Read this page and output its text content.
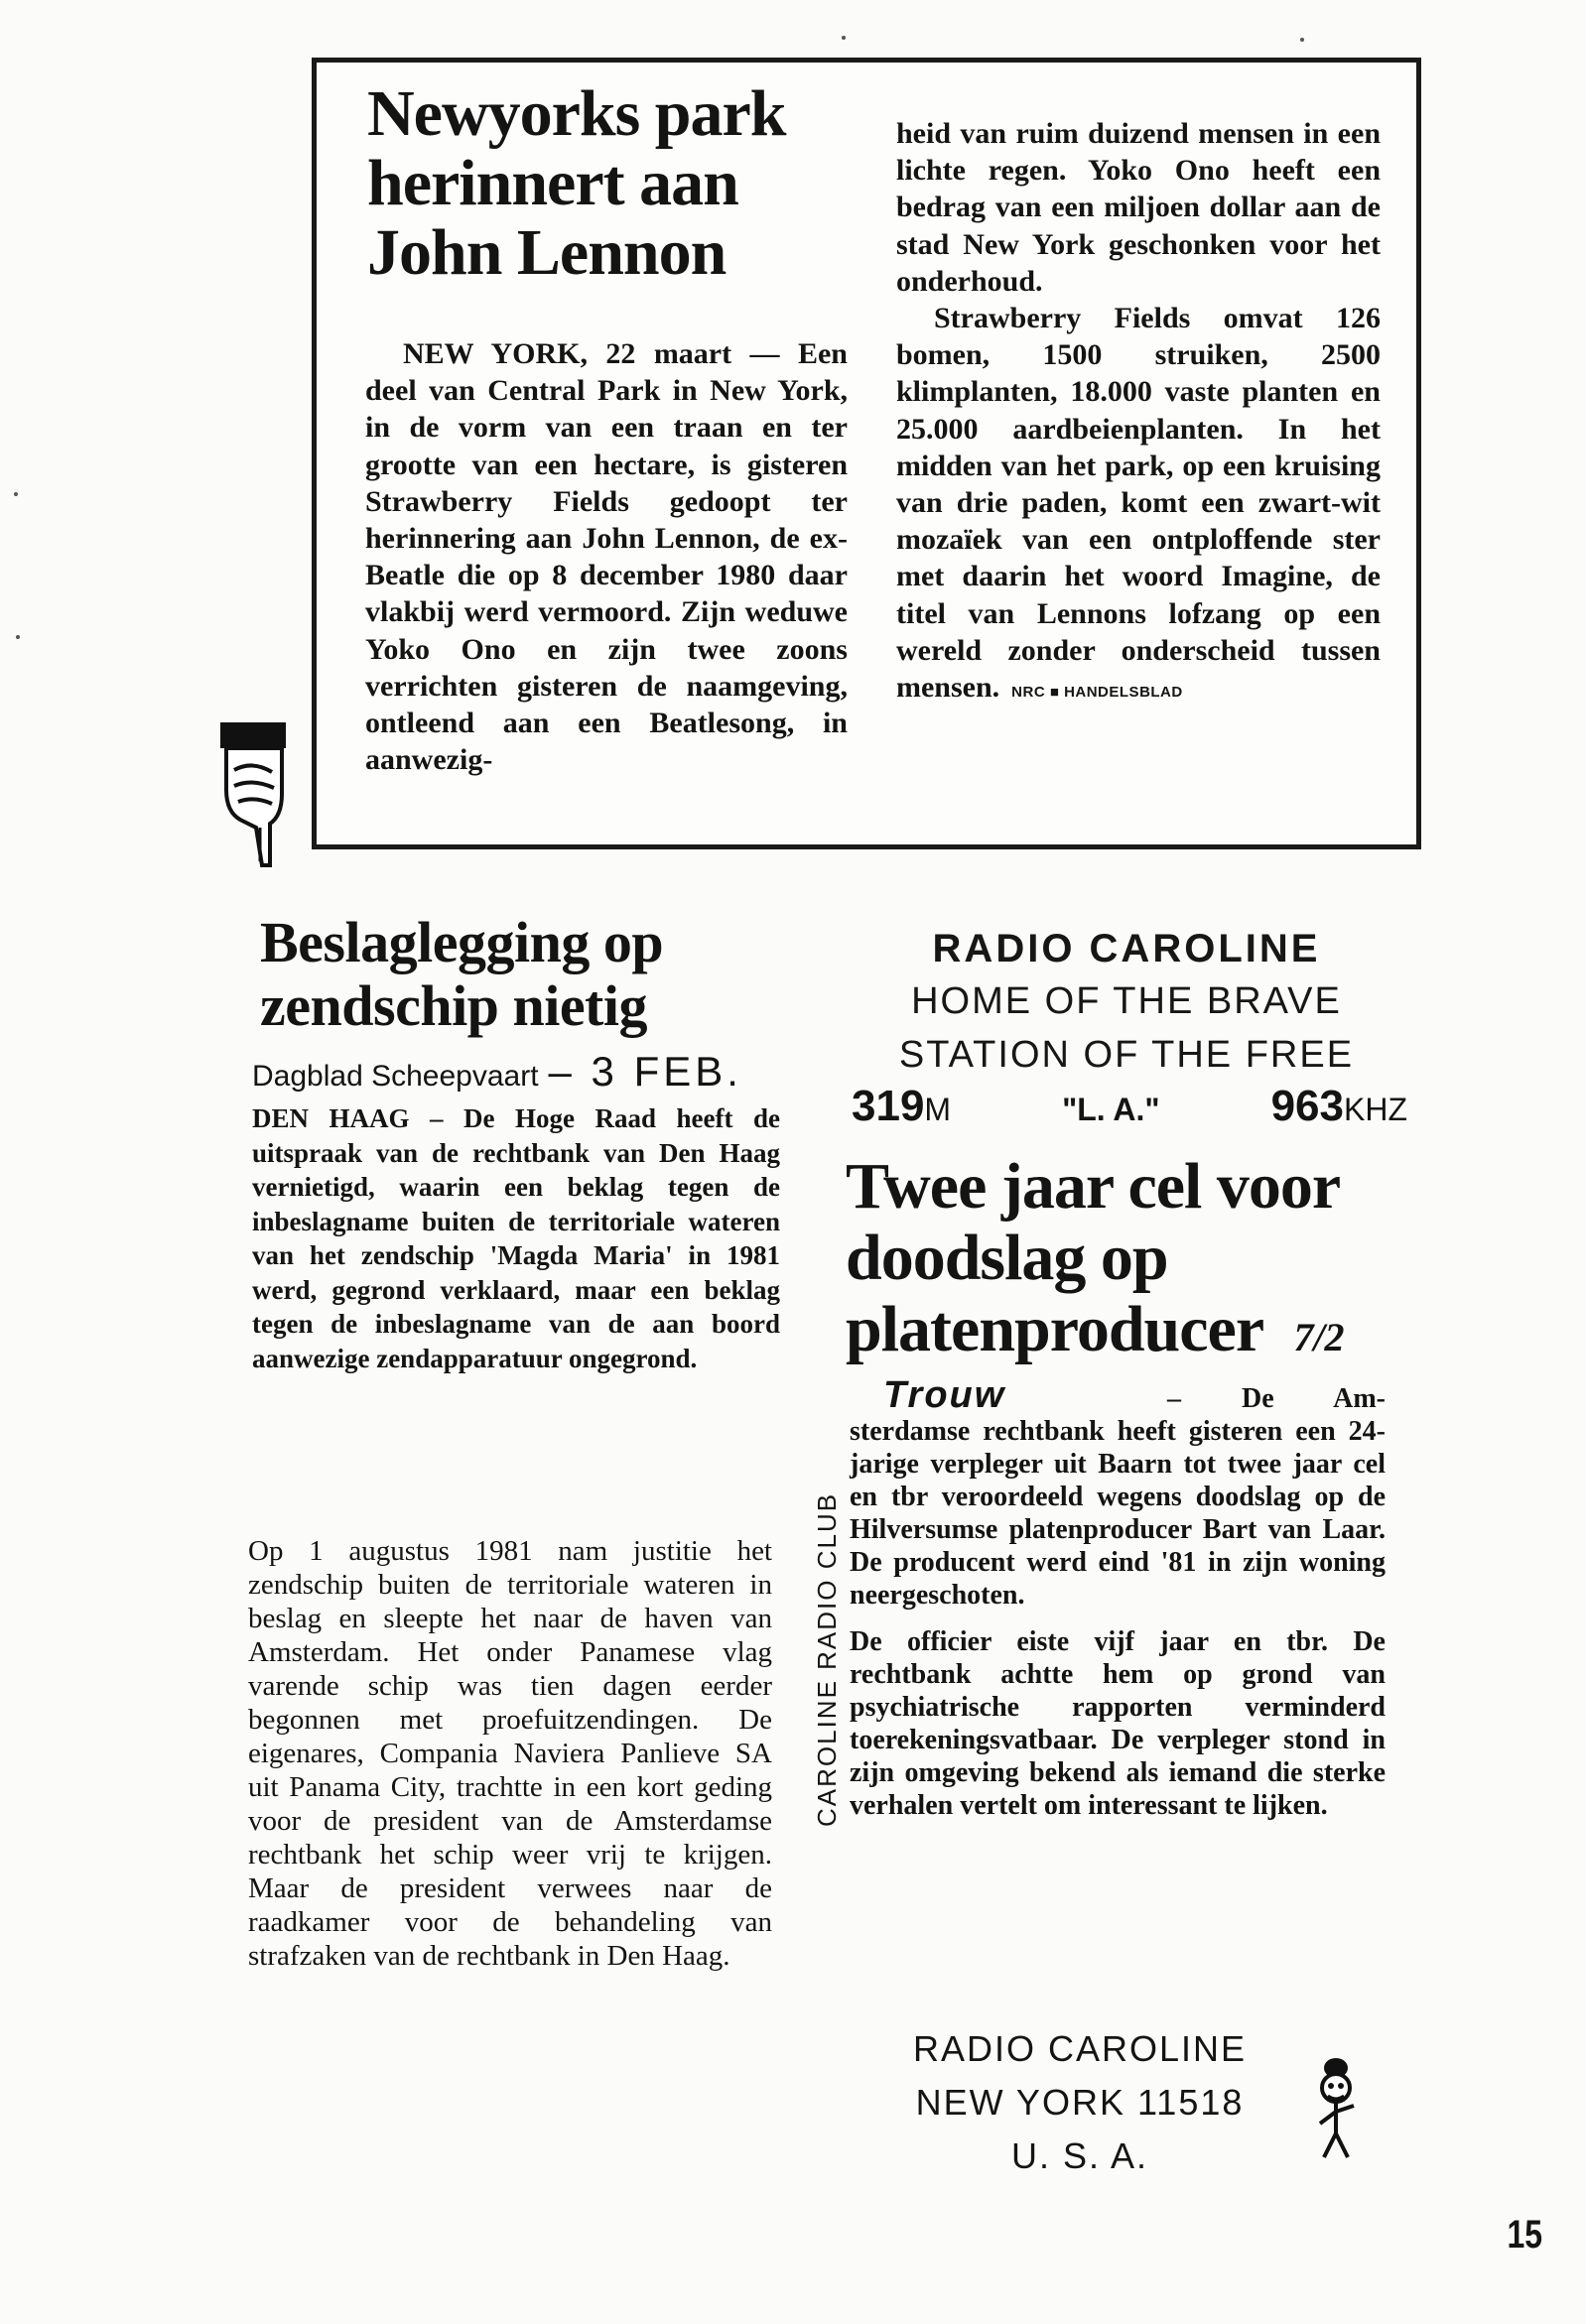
Newyorks park herinnert aan John Lennon
NEW YORK, 22 maart — Een deel van Central Park in New York, in de vorm van een traan en ter grootte van een hectare, is gisteren Strawberry Fields gedoopt ter herinnering aan John Lennon, de ex-Beatle die op 8 december 1980 daar vlakbij werd vermoord. Zijn weduwe Yoko Ono en zijn twee zoons verrichten gisteren de naamgeving, ontleend aan een Beatlesong, in aanwezig-

heid van ruim duizend mensen in een lichte regen. Yoko Ono heeft een bedrag van een miljoen dollar aan de stad New York geschonken voor het onderhoud.

Strawberry Fields omvat 126 bomen, 1500 struiken, 2500 klimplanten, 18.000 vaste planten en 25.000 aardbeienplanten. In het midden van het park, op een kruising van drie paden, komt een zwart-wit mozaïek van een ontploffende ster met daarin het woord Imagine, de titel van Lennons lofzang op een wereld zonder onderscheid tussen mensen. NRC ■ HANDELSBLAD

Beslaglegging op zendschip nietig
Dagblad Scheepvaart – 3 FEB.
DEN HAAG – De Hoge Raad heeft de uitspraak van de rechtbank van Den Haag vernietigd, waarin een beklag tegen de inbeslagname buiten de territoriale wateren van het zendschip 'Magda Maria' in 1981 werd, gegrond verklaard, maar een beklag tegen de inbeslagname van de aan boord aanwezige zendapparatuur ongegrond.
Op 1 augustus 1981 nam justitie het zendschip buiten de territoriale wateren in beslag en sleepte het naar de haven van Amsterdam. Het onder Panamese vlag varende schip was tien dagen eerder begonnen met proefuitzendingen. De eigenares, Compania Naviera Panlieve SA uit Panama City, trachtte in een kort geding voor de president van de Amsterdamse rechtbank het schip weer vrij te krijgen. Maar de president verwees naar de raadkamer voor de behandeling van strafzaken van de rechtbank in Den Haag.
RADIO CAROLINE
HOME OF THE BRAVE
STATION OF THE FREE
319M	"L. A."	963KHZ
Twee jaar cel voor doodslag op platenproducer 7/2

Trouw	– De Am- sterdamse rechtbank heeft gisteren een 24-jarige verpleger uit Baarn tot twee jaar cel en tbr veroordeeld wegens doodslag op de Hilversumse platenproducer Bart van Laar. De producent werd eind '81 in zijn woning neergeschoten.

De officier eiste vijf jaar en tbr. De rechtbank achtte hem op grond van psychiatrische rapporten verminderd toerekeningsvatbaar. De verpleger stond in zijn omgeving bekend als iemand die sterke verhalen vertelt om interessant te lijken.

CAROLINE RADIO CLUB
RADIO CAROLINE
NEW YORK 11518
U. S. A.
15
